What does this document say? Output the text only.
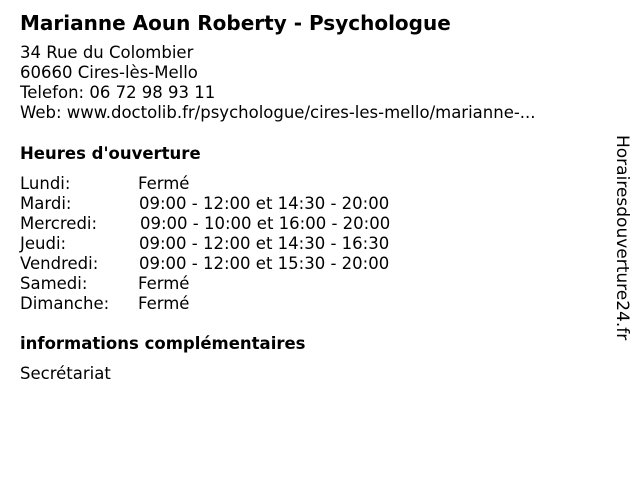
Marianne Aoun Roberty - Psychologue
34 Rue du Colombier
60660 Cires-lès-Mello
Telefon: 06 72 98 93 11
Web: www.doctolib.fr/psychologue/cires-les-mello/marianne-...
Heures d'ouverture
Lundi:	Fermé
Mardi:	09:00 - 12:00 et 14:30 - 20:00
Mercredi:	09:00 - 10:00 et 16:00 - 20:00
Jeudi:	09:00 - 12:00 et 14:30 - 16:30
Vendredi: 09:00 - 12:00 et 15:30 - 20:00
Samedi:	Fermé
Dimanche: Fermé
informations complémentaires
Secrétariat
Horairesdouverture24.fr
